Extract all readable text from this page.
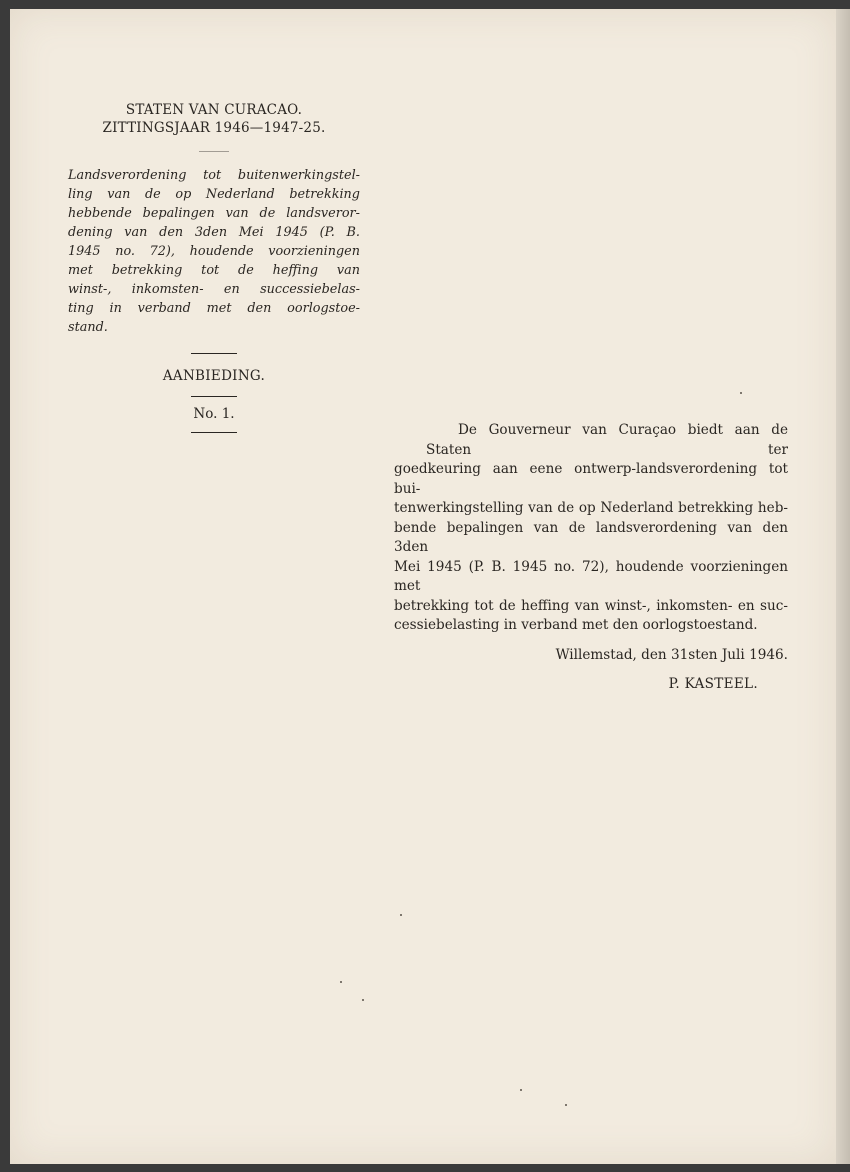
STATEN VAN CURACAO.
ZITTINGSJAAR 1946—1947-25.
Landsverordening tot buitenwerkingstel-
ling van de op Nederland betrekking
hebbende bepalingen van de landsveror-
dening van den 3den Mei 1945 (P. B.
1945 no. 72), houdende voorzieningen
met betrekking tot de heffing van
winst-, inkomsten- en successiebelas-
ting in verband met den oorlogstoe-
stand.
AANBIEDING.
No. 1.
De Gouverneur van Curaçao biedt aan de Staten ter
goedkeuring aan eene ontwerp-landsverordening tot bui-
tenwerkingstelling van de op Nederland betrekking heb-
bende bepalingen van de landsverordening van den 3den
Mei 1945 (P. B. 1945 no. 72), houdende voorzieningen met
betrekking tot de heffing van winst-, inkomsten- en suc-
cessiebelasting in verband met den oorlogstoestand.
Willemstad, den 31sten Juli 1946.
P. KASTEEL.
